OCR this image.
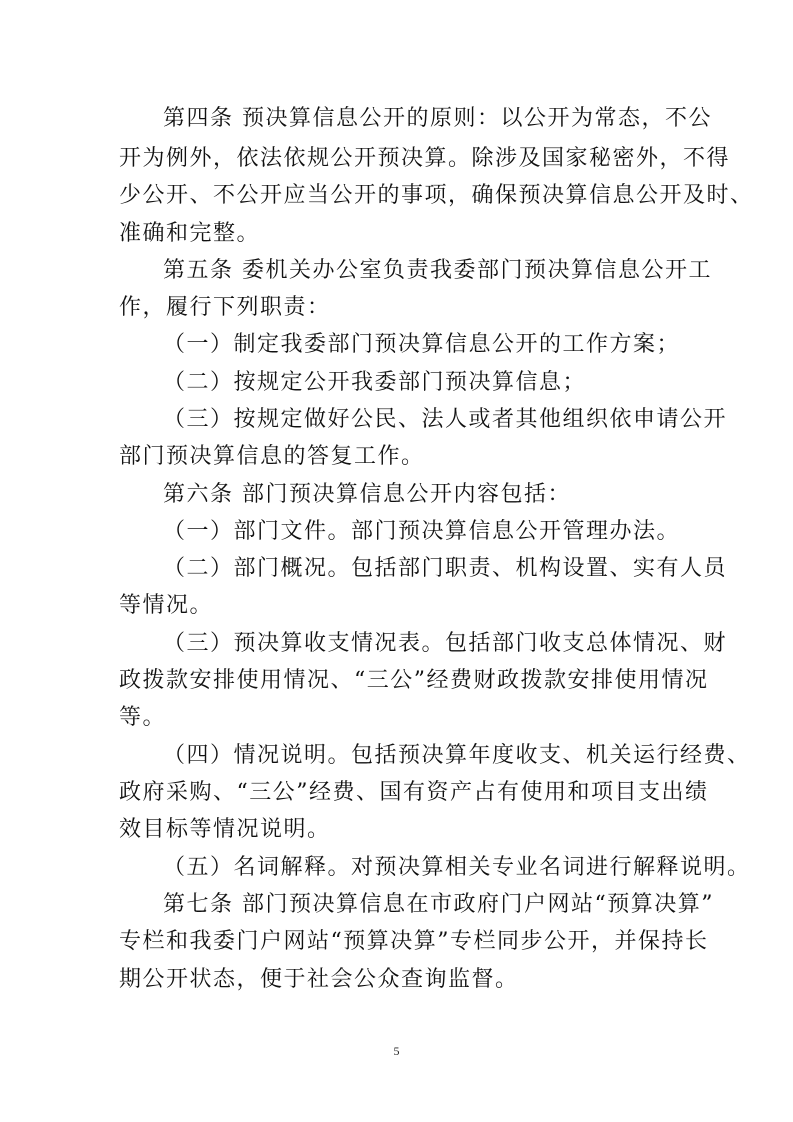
第四条 预决算信息公开的原则：以公开为常态，不公
开为例外，依法依规公开预决算。除涉及国家秘密外，不得
少公开、不公开应当公开的事项，确保预决算信息公开及时、
准确和完整。
第五条 委机关办公室负责我委部门预决算信息公开工
作，履行下列职责：
（一）制定我委部门预决算信息公开的工作方案；
（二）按规定公开我委部门预决算信息；
（三）按规定做好公民、法人或者其他组织依申请公开
部门预决算信息的答复工作。
第六条 部门预决算信息公开内容包括：
（一）部门文件。部门预决算信息公开管理办法。
（二）部门概况。包括部门职责、机构设置、实有人员
等情况。
（三）预决算收支情况表。包括部门收支总体情况、财
政拨款安排使用情况、“三公”经费财政拨款安排使用情况
等。
（四）情况说明。包括预决算年度收支、机关运行经费、
政府采购、“三公”经费、国有资产占有使用和项目支出绩
效目标等情况说明。
（五）名词解释。对预决算相关专业名词进行解释说明。
第七条 部门预决算信息在市政府门户网站“预算决算”
专栏和我委门户网站“预算决算”专栏同步公开，并保持长
期公开状态，便于社会公众查询监督。
5
